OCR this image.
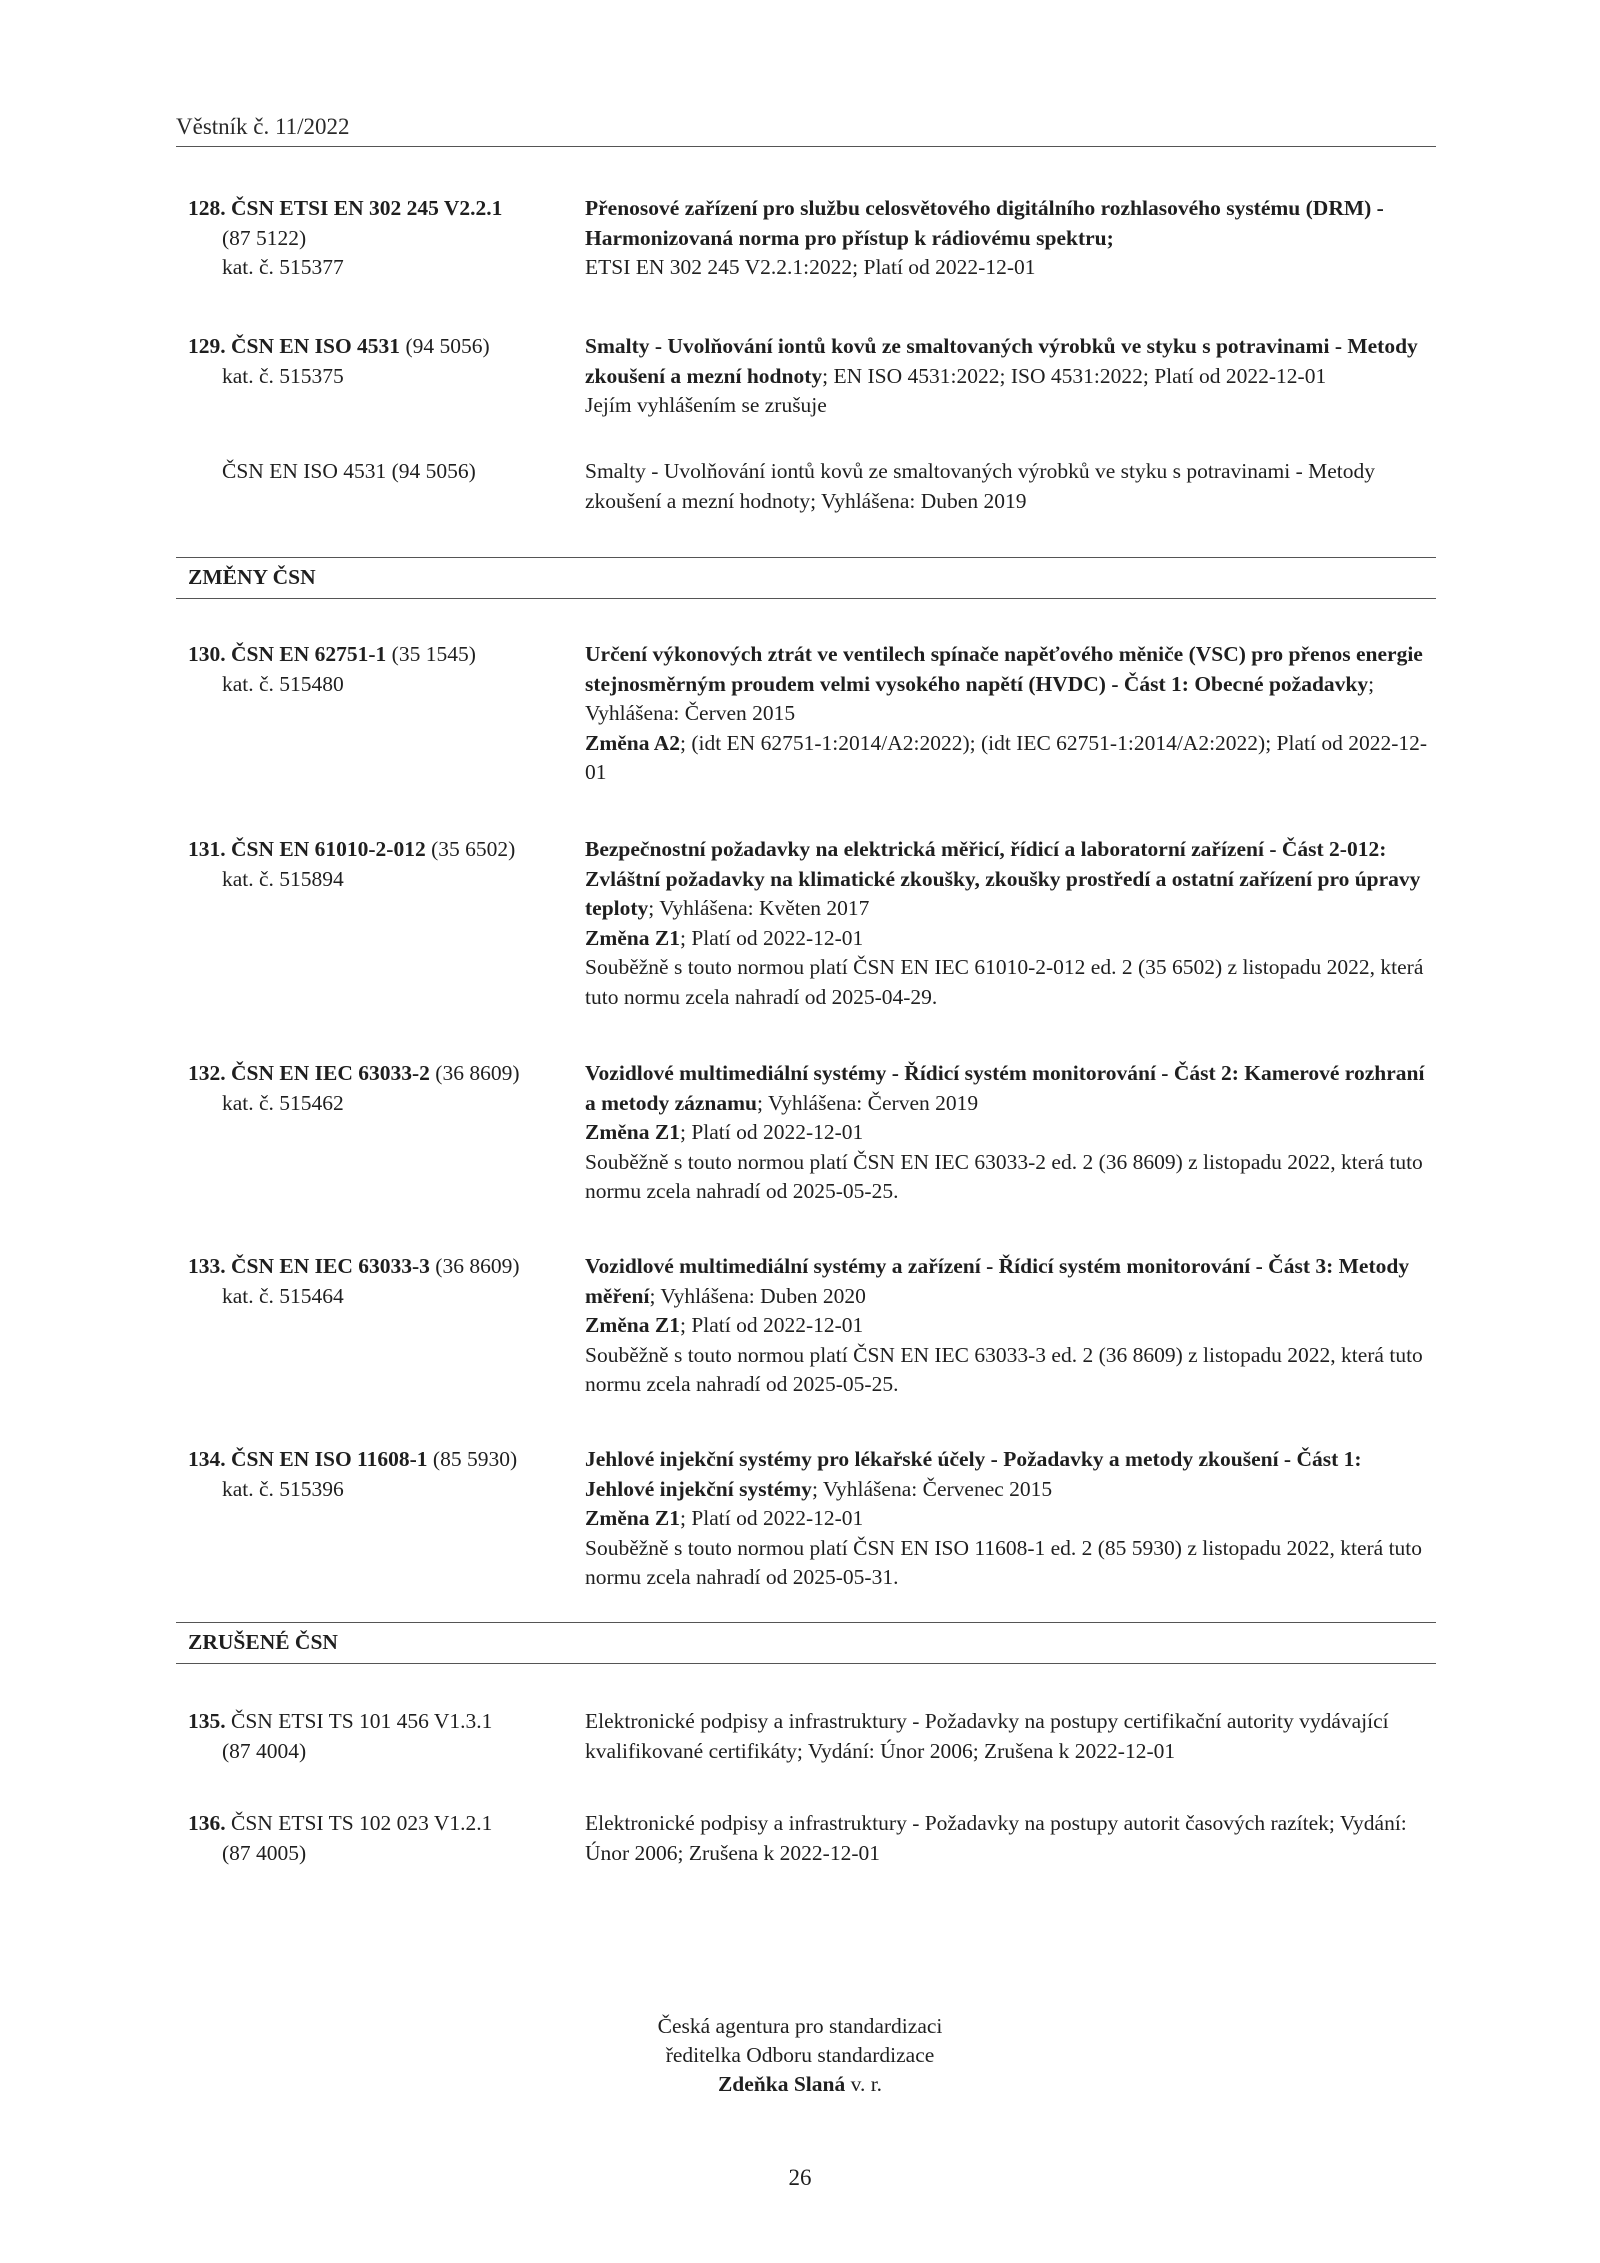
Věstník č. 11/2022
128. ČSN ETSI EN 302 245 V2.2.1
(87 5122)
kat. č. 515377
Přenosové zařízení pro službu celosvětového digitálního rozhlasového systému (DRM) - Harmonizovaná norma pro přístup k rádiovému spektru;
ETSI EN 302 245 V2.2.1:2022; Platí od 2022-12-01
129. ČSN EN ISO 4531 (94 5056)
kat. č. 515375
Smalty - Uvolňování iontů kovů ze smaltovaných výrobků ve styku s potravinami - Metody zkoušení a mezní hodnoty; EN ISO 4531:2022; ISO 4531:2022; Platí od 2022-12-01
Jejím vyhlášením se zrušuje
ČSN EN ISO 4531 (94 5056)	Smalty - Uvolňování iontů kovů ze smaltovaných výrobků ve styku s potravinami - Metody zkoušení a mezní hodnoty; Vyhlášena: Duben 2019
ZMĚNY ČSN
130. ČSN EN 62751-1 (35 1545)
kat. č. 515480
Určení výkonových ztrát ve ventilech spínače napěťového měniče (VSC) pro přenos energie stejnosměrným proudem velmi vysokého napětí (HVDC) - Část 1: Obecné požadavky; Vyhlášena: Červen 2015
Změna A2; (idt EN 62751-1:2014/A2:2022); (idt IEC 62751-1:2014/A2:2022); Platí od 2022-12-01
131. ČSN EN 61010-2-012 (35 6502)
kat. č. 515894
Bezpečnostní požadavky na elektrická měřicí, řídicí a laboratorní zařízení - Část 2-012: Zvláštní požadavky na klimatické zkoušky, zkoušky prostředí a ostatní zařízení pro úpravy teploty; Vyhlášena: Květen 2017
Změna Z1; Platí od 2022-12-01
Souběžně s touto normou platí ČSN EN IEC 61010-2-012 ed. 2 (35 6502) z listopadu 2022, která tuto normu zcela nahradí od 2025-04-29.
132. ČSN EN IEC 63033-2 (36 8609)
kat. č. 515462
Vozidlové multimediální systémy - Řídicí systém monitorování - Část 2: Kamerové rozhraní a metody záznamu; Vyhlášena: Červen 2019
Změna Z1; Platí od 2022-12-01
Souběžně s touto normou platí ČSN EN IEC 63033-2 ed. 2 (36 8609) z listopadu 2022, která tuto normu zcela nahradí od 2025-05-25.
133. ČSN EN IEC 63033-3 (36 8609)
kat. č. 515464
Vozidlové multimediální systémy a zařízení - Řídicí systém monitorování - Část 3: Metody měření; Vyhlášena: Duben 2020
Změna Z1; Platí od 2022-12-01
Souběžně s touto normou platí ČSN EN IEC 63033-3 ed. 2 (36 8609) z listopadu 2022, která tuto normu zcela nahradí od 2025-05-25.
134. ČSN EN ISO 11608-1 (85 5930)
kat. č. 515396
Jehlové injekční systémy pro lékařské účely - Požadavky a metody zkoušení - Část 1: Jehlové injekční systémy; Vyhlášena: Červenec 2015
Změna Z1; Platí od 2022-12-01
Souběžně s touto normou platí ČSN EN ISO 11608-1 ed. 2 (85 5930) z listopadu 2022, která tuto normu zcela nahradí od 2025-05-31.
ZRUŠENÉ ČSN
135. ČSN ETSI TS 101 456 V1.3.1
(87 4004)
Elektronické podpisy a infrastruktury - Požadavky na postupy certifikační autority vydávající kvalifikované certifikáty; Vydání: Únor 2006; Zrušena k 2022-12-01
136. ČSN ETSI TS 102 023 V1.2.1
(87 4005)
Elektronické podpisy a infrastruktury - Požadavky na postupy autorit časových razítek; Vydání: Únor 2006; Zrušena k 2022-12-01
Česká agentura pro standardizaci
ředitelka Odboru standardizace
Zdeňka Slaná v. r.
26
